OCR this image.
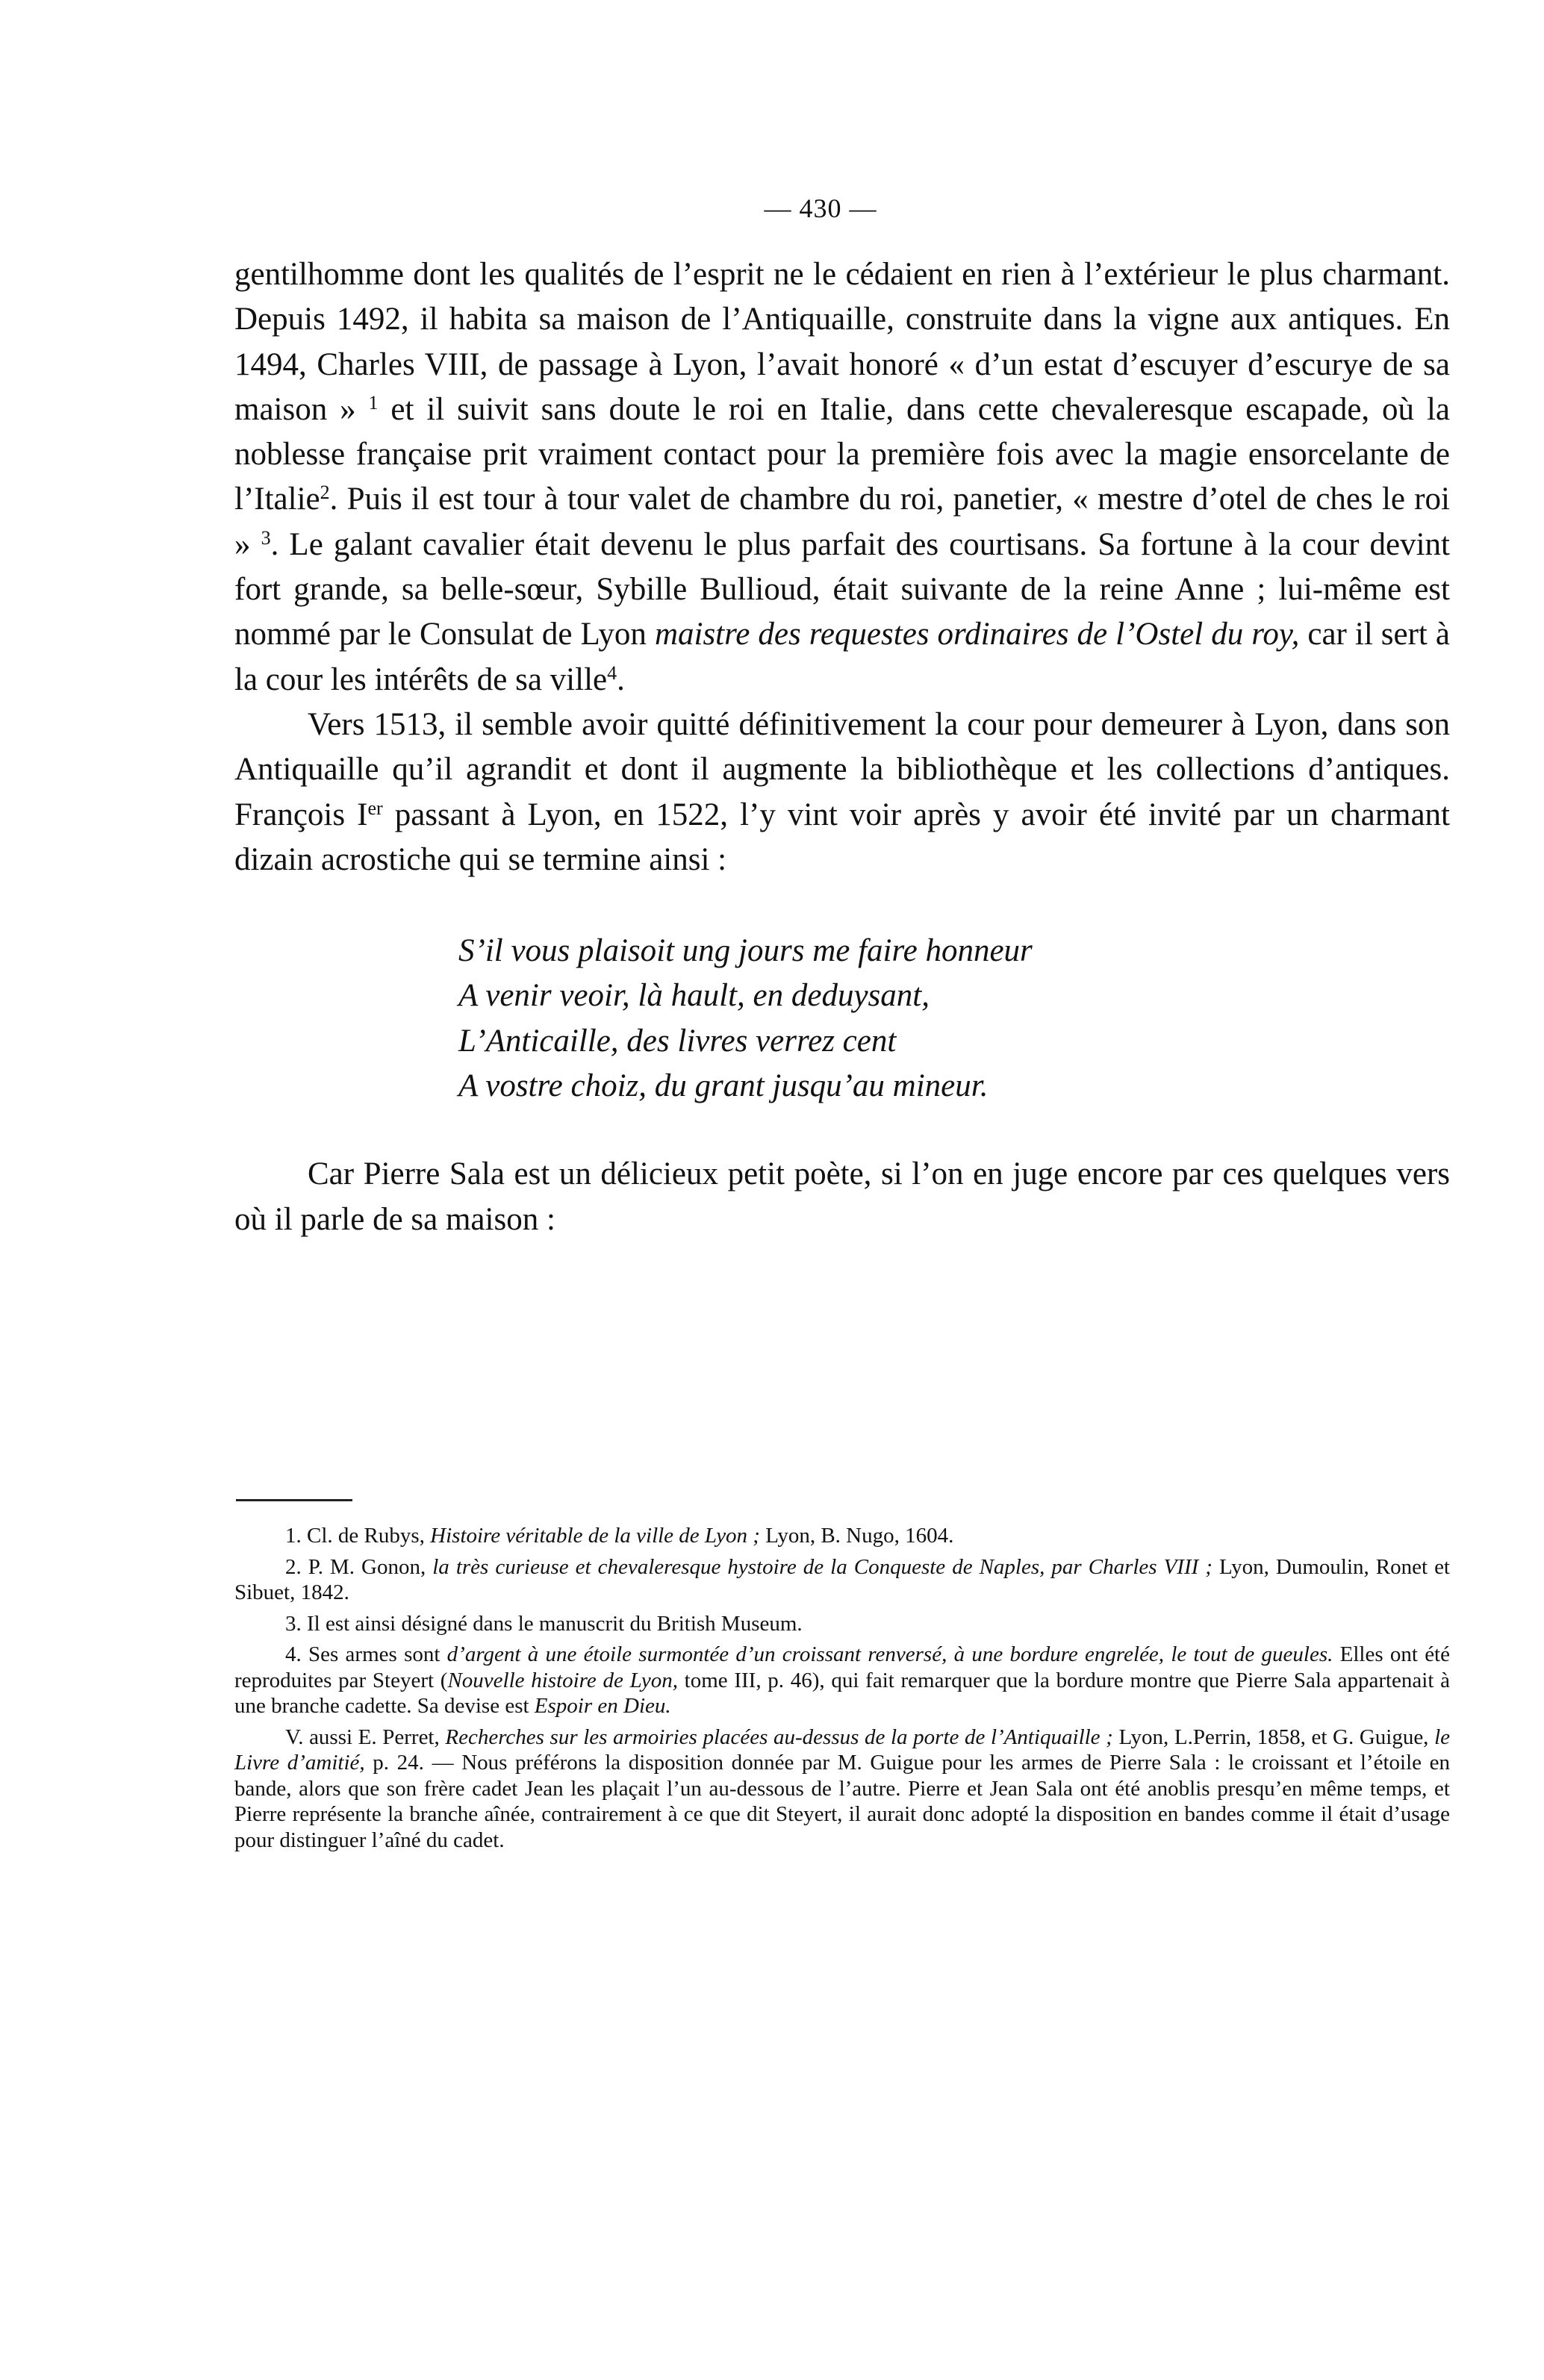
— 430 —

gentilhomme dont les qualités de l’esprit ne le cédaient en rien à l’extérieur le plus charmant. Depuis 1492, il habita sa maison de l’Antiquaille, construite dans la vigne aux antiques. En 1494, Charles VIII, de passage à Lyon, l’avait honoré « d’un estat d’escuyer d’escurye de sa maison » $^1$ et il suivit sans doute le roi en Italie, dans cette chevaleresque escapade, où la noblesse française prit vraiment contact pour la première fois avec la magie ensorcelante de l’Italie$^2$. Puis il est tour à tour valet de chambre du roi, panetier, « mestre d’otel de ches le roi » $^3$. Le galant cavalier était devenu le plus parfait des courtisans. Sa fortune à la cour devint fort grande, sa belle-sœur, Sybille Bullioud, était suivante de la reine Anne ; lui-même est nommé par le Consulat de Lyon maistre des requestes ordinaires de l’Ostel du roy, car il sert à la cour les intérêts de sa ville$^4$.

Vers 1513, il semble avoir quitté définitivement la cour pour demeurer à Lyon, dans son Antiquaille qu’il agrandit et dont il augmente la bibliothèque et les collections d’antiques. François Ier passant à Lyon, en 1522, l’y vint voir après y avoir été invité par un charmant dizain acrostiche qui se termine ainsi :

S’il vous plaisoit ung jours me faire honneur
A venir veoir, là hault, en deduysant,
L’Anticaille, des livres verrez cent
A vostre choiz, du grant jusqu’au mineur.

Car Pierre Sala est un délicieux petit poète, si l’on en juge encore par ces quelques vers où il parle de sa maison :

1. Cl. de Rubys, Histoire véritable de la ville de Lyon ; Lyon, B. Nugo, 1604.

2. P. M. Gonon, la très curieuse et chevaleresque hystoire de la Conqueste de Naples, par Charles VIII ; Lyon, Dumoulin, Ronet et Sibuet, 1842.

3. Il est ainsi désigné dans le manuscrit du British Museum.

4. Ses armes sont d’argent à une étoile surmontée d’un croissant renversé, à une bordure engrelée, le tout de gueules. Elles ont été reproduites par Steyert (Nouvelle histoire de Lyon, tome III, p. 46), qui fait remarquer que la bordure montre que Pierre Sala appartenait à une branche cadette. Sa devise est Espoir en Dieu.

V. aussi E. Perret, Recherches sur les armoiries placées au-dessus de la porte de l’Antiquaille ; Lyon, L.Perrin, 1858, et G. Guigue, le Livre d’amitié, p. 24. — Nous préférons la disposition donnée par M. Guigue pour les armes de Pierre Sala : le croissant et l’étoile en bande, alors que son frère cadet Jean les plaçait l’un au-dessous de l’autre. Pierre et Jean Sala ont été anoblis presqu’en même temps, et Pierre représente la branche aînée, contrairement à ce que dit Steyert, il aurait donc adopté la disposition en bandes comme il était d’usage pour distinguer l’aîné du cadet.
